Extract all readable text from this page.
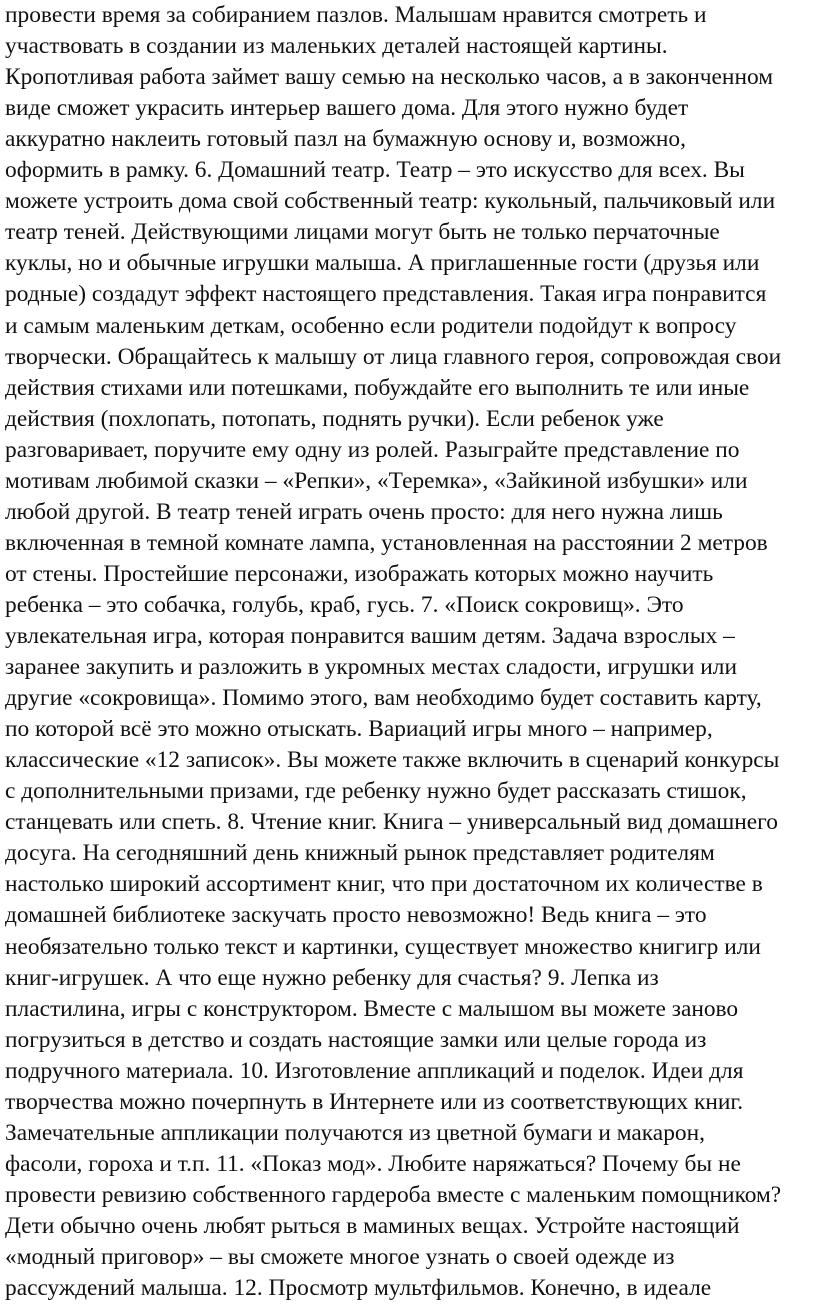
провести время за собиранием пазлов. Малышам нравится смотреть и
участвовать в создании из маленьких деталей настоящей картины.
Кропотливая работа займет вашу семью на несколько часов, а в законченном
виде сможет украсить интерьер вашего дома. Для этого нужно будет
аккуратно наклеить готовый пазл на бумажную основу и, возможно,
оформить в рамку. 6. Домашний театр. Театр – это искусство для всех. Вы
можете устроить дома свой собственный театр: кукольный, пальчиковый или
театр теней. Действующими лицами могут быть не только перчаточные
куклы, но и обычные игрушки малыша. А приглашенные гости (друзья или
родные) создадут эффект настоящего представления. Такая игра понравится
и самым маленьким деткам, особенно если родители подойдут к вопросу
творчески. Обращайтесь к малышу от лица главного героя, сопровождая свои
действия стихами или потешками, побуждайте его выполнить те или иные
действия (похлопать, потопать, поднять ручки). Если ребенок уже
разговаривает, поручите ему одну из ролей. Разыграйте представление по
мотивам любимой сказки – «Репки», «Теремка», «Зайкиной избушки» или
любой другой. В театр теней играть очень просто: для него нужна лишь
включенная в темной комнате лампа, установленная на расстоянии 2 метров
от стены. Простейшие персонажи, изображать которых можно научить
ребенка – это собачка, голубь, краб, гусь. 7. «Поиск сокровищ». Это
увлекательная игра, которая понравится вашим детям. Задача взрослых –
заранее закупить и разложить в укромных местах сладости, игрушки или
другие «сокровища». Помимо этого, вам необходимо будет составить карту,
по которой всё это можно отыскать. Вариаций игры много – например,
классические «12 записок». Вы можете также включить в сценарий конкурсы
с дополнительными призами, где ребенку нужно будет рассказать стишок,
станцевать или спеть. 8. Чтение книг. Книга – универсальный вид домашнего
досуга. На сегодняшний день книжный рынок представляет родителям
настолько широкий ассортимент книг, что при достаточном их количестве в
домашней библиотеке заскучать просто невозможно! Ведь книга – это
необязательно только текст и картинки, существует множество книгигр или
книг-игрушек. А что еще нужно ребенку для счастья? 9. Лепка из
пластилина, игры с конструктором. Вместе с малышом вы можете заново
погрузиться в детство и создать настоящие замки или целые города из
подручного материала. 10. Изготовление аппликаций и поделок. Идеи для
творчества можно почерпнуть в Интернете или из соответствующих книг.
Замечательные аппликации получаются из цветной бумаги и макарон,
фасоли, гороха и т.п. 11. «Показ мод». Любите наряжаться? Почему бы не
провести ревизию собственного гардероба вместе с маленьким помощником?
Дети обычно очень любят рыться в маминых вещах. Устройте настоящий
«модный приговор» – вы сможете многое узнать о своей одежде из
рассуждений малыша. 12. Просмотр мультфильмов. Конечно, в идеале
